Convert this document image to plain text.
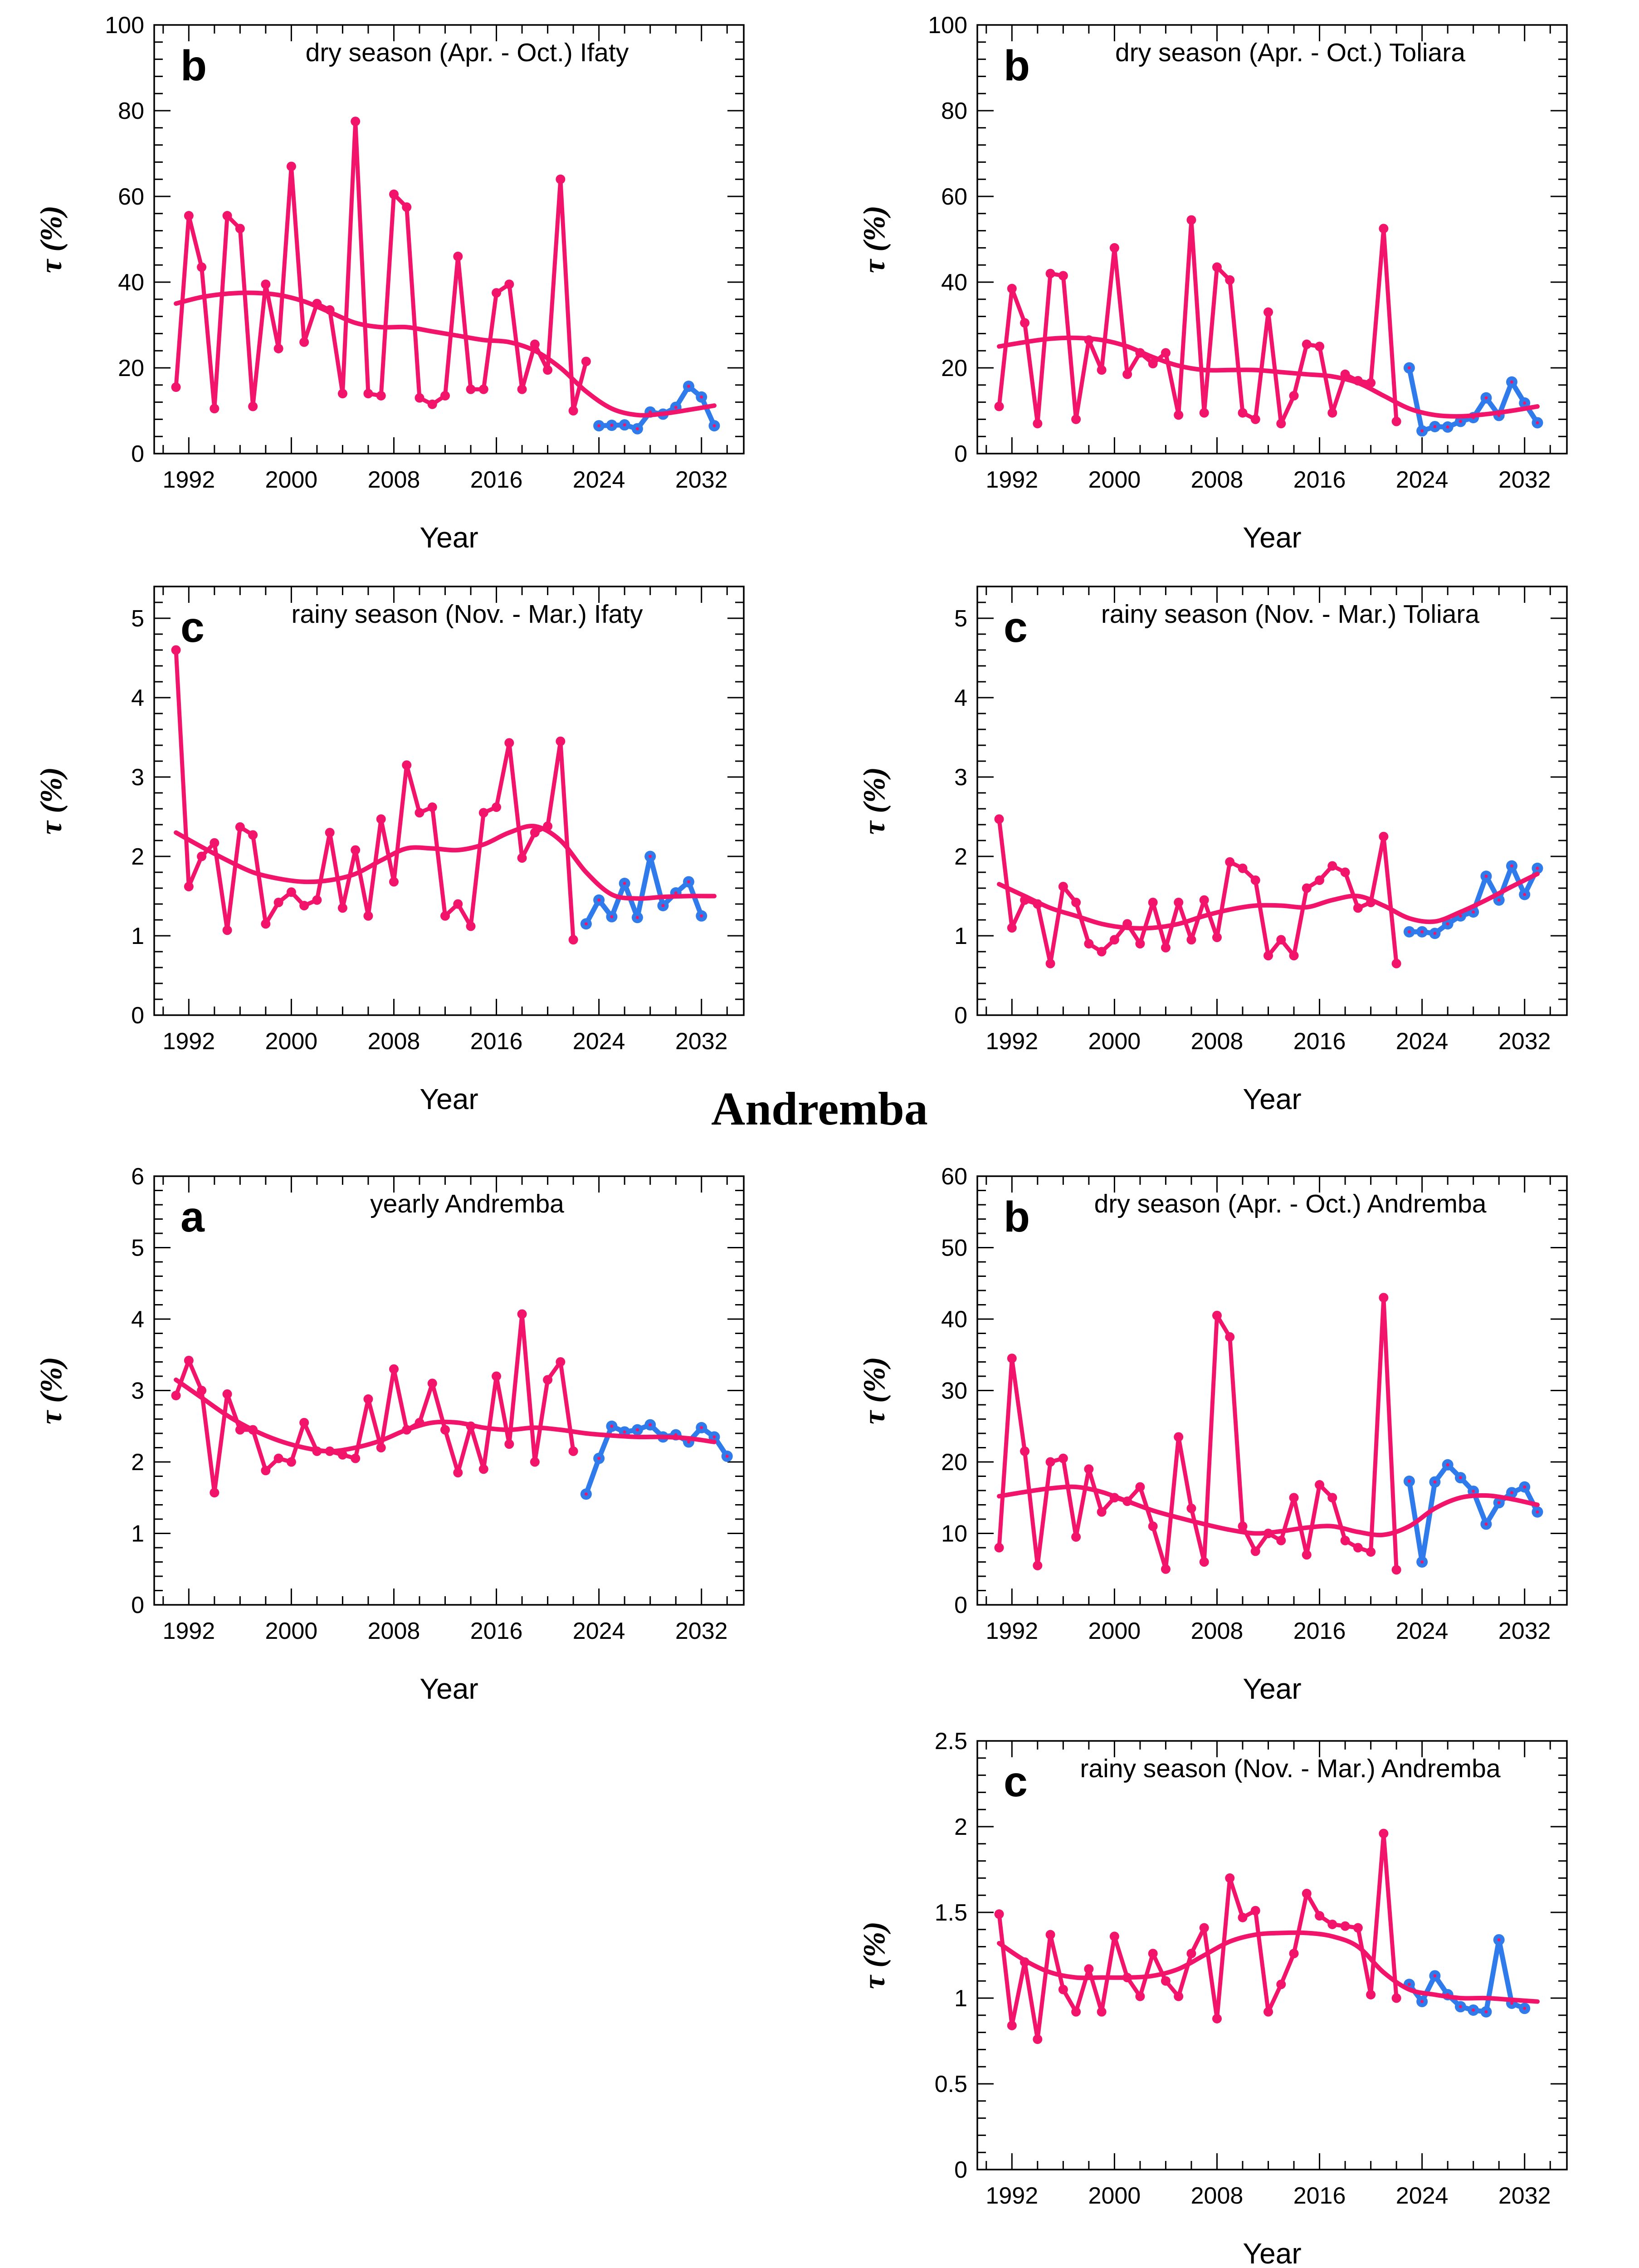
1992 2000 2008 2016 2024 2032
0
20
40
60
80
100
b	dry season (Apr. - Oct.) Ifaty
Year
τ (%)
1992 2000 2008 2016 2024 2032
0
20
40
60
80
100
b	dry season (Apr. - Oct.) Toliara
Year
τ (%)
1992 2000 2008 2016 2024 2032
0
1
2
3
4
5 c	rainy season (Nov. - Mar.) Ifaty
Year
τ (%)
1992 2000 2008 2016 2024 2032
0
1
2
3
4
5 c	rainy season (Nov. - Mar.) Toliara
Year
τ (%)
Andremba
1992 2000 2008 2016 2024 2032
0
1
2
3
4
5
6
a	yearly Andremba
Year
τ (%)
1992 2000 2008 2016 2024 2032
0
10
20
30
40
50
60
b dry season (Apr. - Oct.) Andremba
Year
τ (%)
1992 2000 2008 2016 2024 2032
0
0.5
1
1.5
2
2.5
c rainy season (Nov. - Mar.) Andremba
Year
τ (%)
